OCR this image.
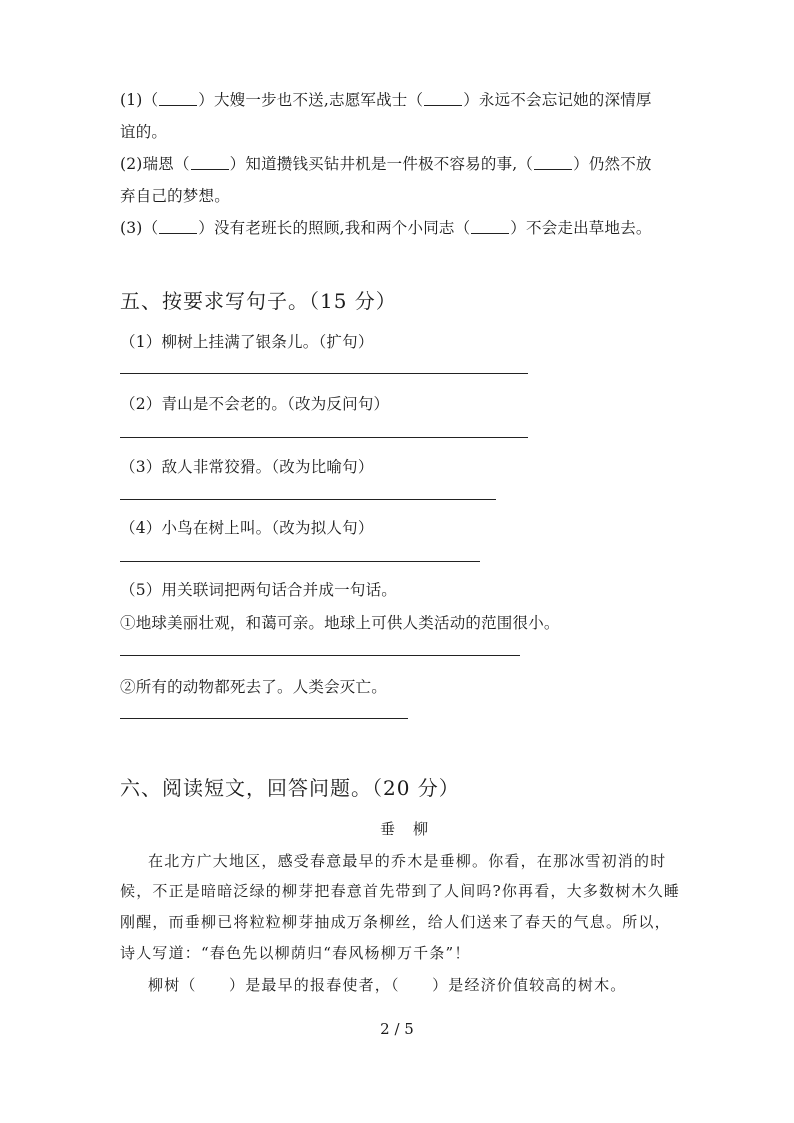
(1)（	）大嫂一步也不送,志愿军战士（	）永远不会忘记她的深情厚
谊的。
(2)瑞恩（	）知道攒钱买钻井机是一件极不容易的事,（	）仍然不放
弃自己的梦想。
(3)（	）没有老班长的照顾,我和两个小同志（	）不会走出草地去。
五、按要求写句子。（15 分）
（1）柳树上挂满了银条儿。（扩句）
（2）青山是不会老的。（改为反问句）
（3）敌人非常狡猾。（改为比喻句）
（4）小鸟在树上叫。（改为拟人句）
（5）用关联词把两句话合并成一句话。
①地球美丽壮观，和蔼可亲。地球上可供人类活动的范围很小。
②所有的动物都死去了。人类会灭亡。
六、阅读短文，回答问题。（20 分）
垂柳
在北方广大地区，感受春意最早的乔木是垂柳。你看，在那冰雪初消的时
候，不正是暗暗泛绿的柳芽把春意首先带到了人间吗?你再看，大多数树木久睡
刚醒，而垂柳已将粒粒柳芽抽成万条柳丝，给人们送来了春天的气息。所以，
诗人写道：“春色先以柳荫归“春风杨柳万千条”！
柳树（　　）是最早的报春使者，（　　）是经济价值较高的树木。
2 / 5
